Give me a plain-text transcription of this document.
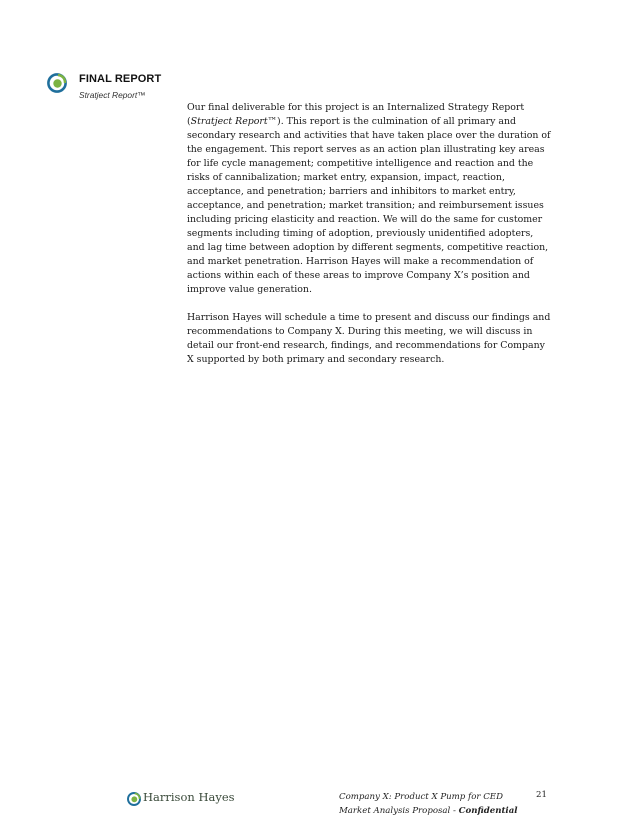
FINAL REPORT
Stratject Report™
Our final deliverable for this project is an Internalized Strategy Report
(Stratject Report™). This report is the culmination of all primary and
secondary research and activities that have taken place over the duration of
the engagement. This report serves as an action plan illustrating key areas
for life cycle management; competitive intelligence and reaction and the
risks of cannibalization; market entry, expansion, impact, reaction,
acceptance, and penetration; barriers and inhibitors to market entry,
acceptance, and penetration; market transition; and reimbursement issues
including pricing elasticity and reaction. We will do the same for customer
segments including timing of adoption, previously unidentified adopters,
and lag time between adoption by different segments, competitive reaction,
and market penetration. Harrison Hayes will make a recommendation of
actions within each of these areas to improve Company X’s position and
improve value generation.
Harrison Hayes will schedule a time to present and discuss our findings and
recommendations to Company X. During this meeting, we will discuss in
detail our front-end research, findings, and recommendations for Company
X supported by both primary and secondary research.
Harrison Hayes	Company X: Product X Pump for CED
Market Analysis Proposal - Confidential
21
